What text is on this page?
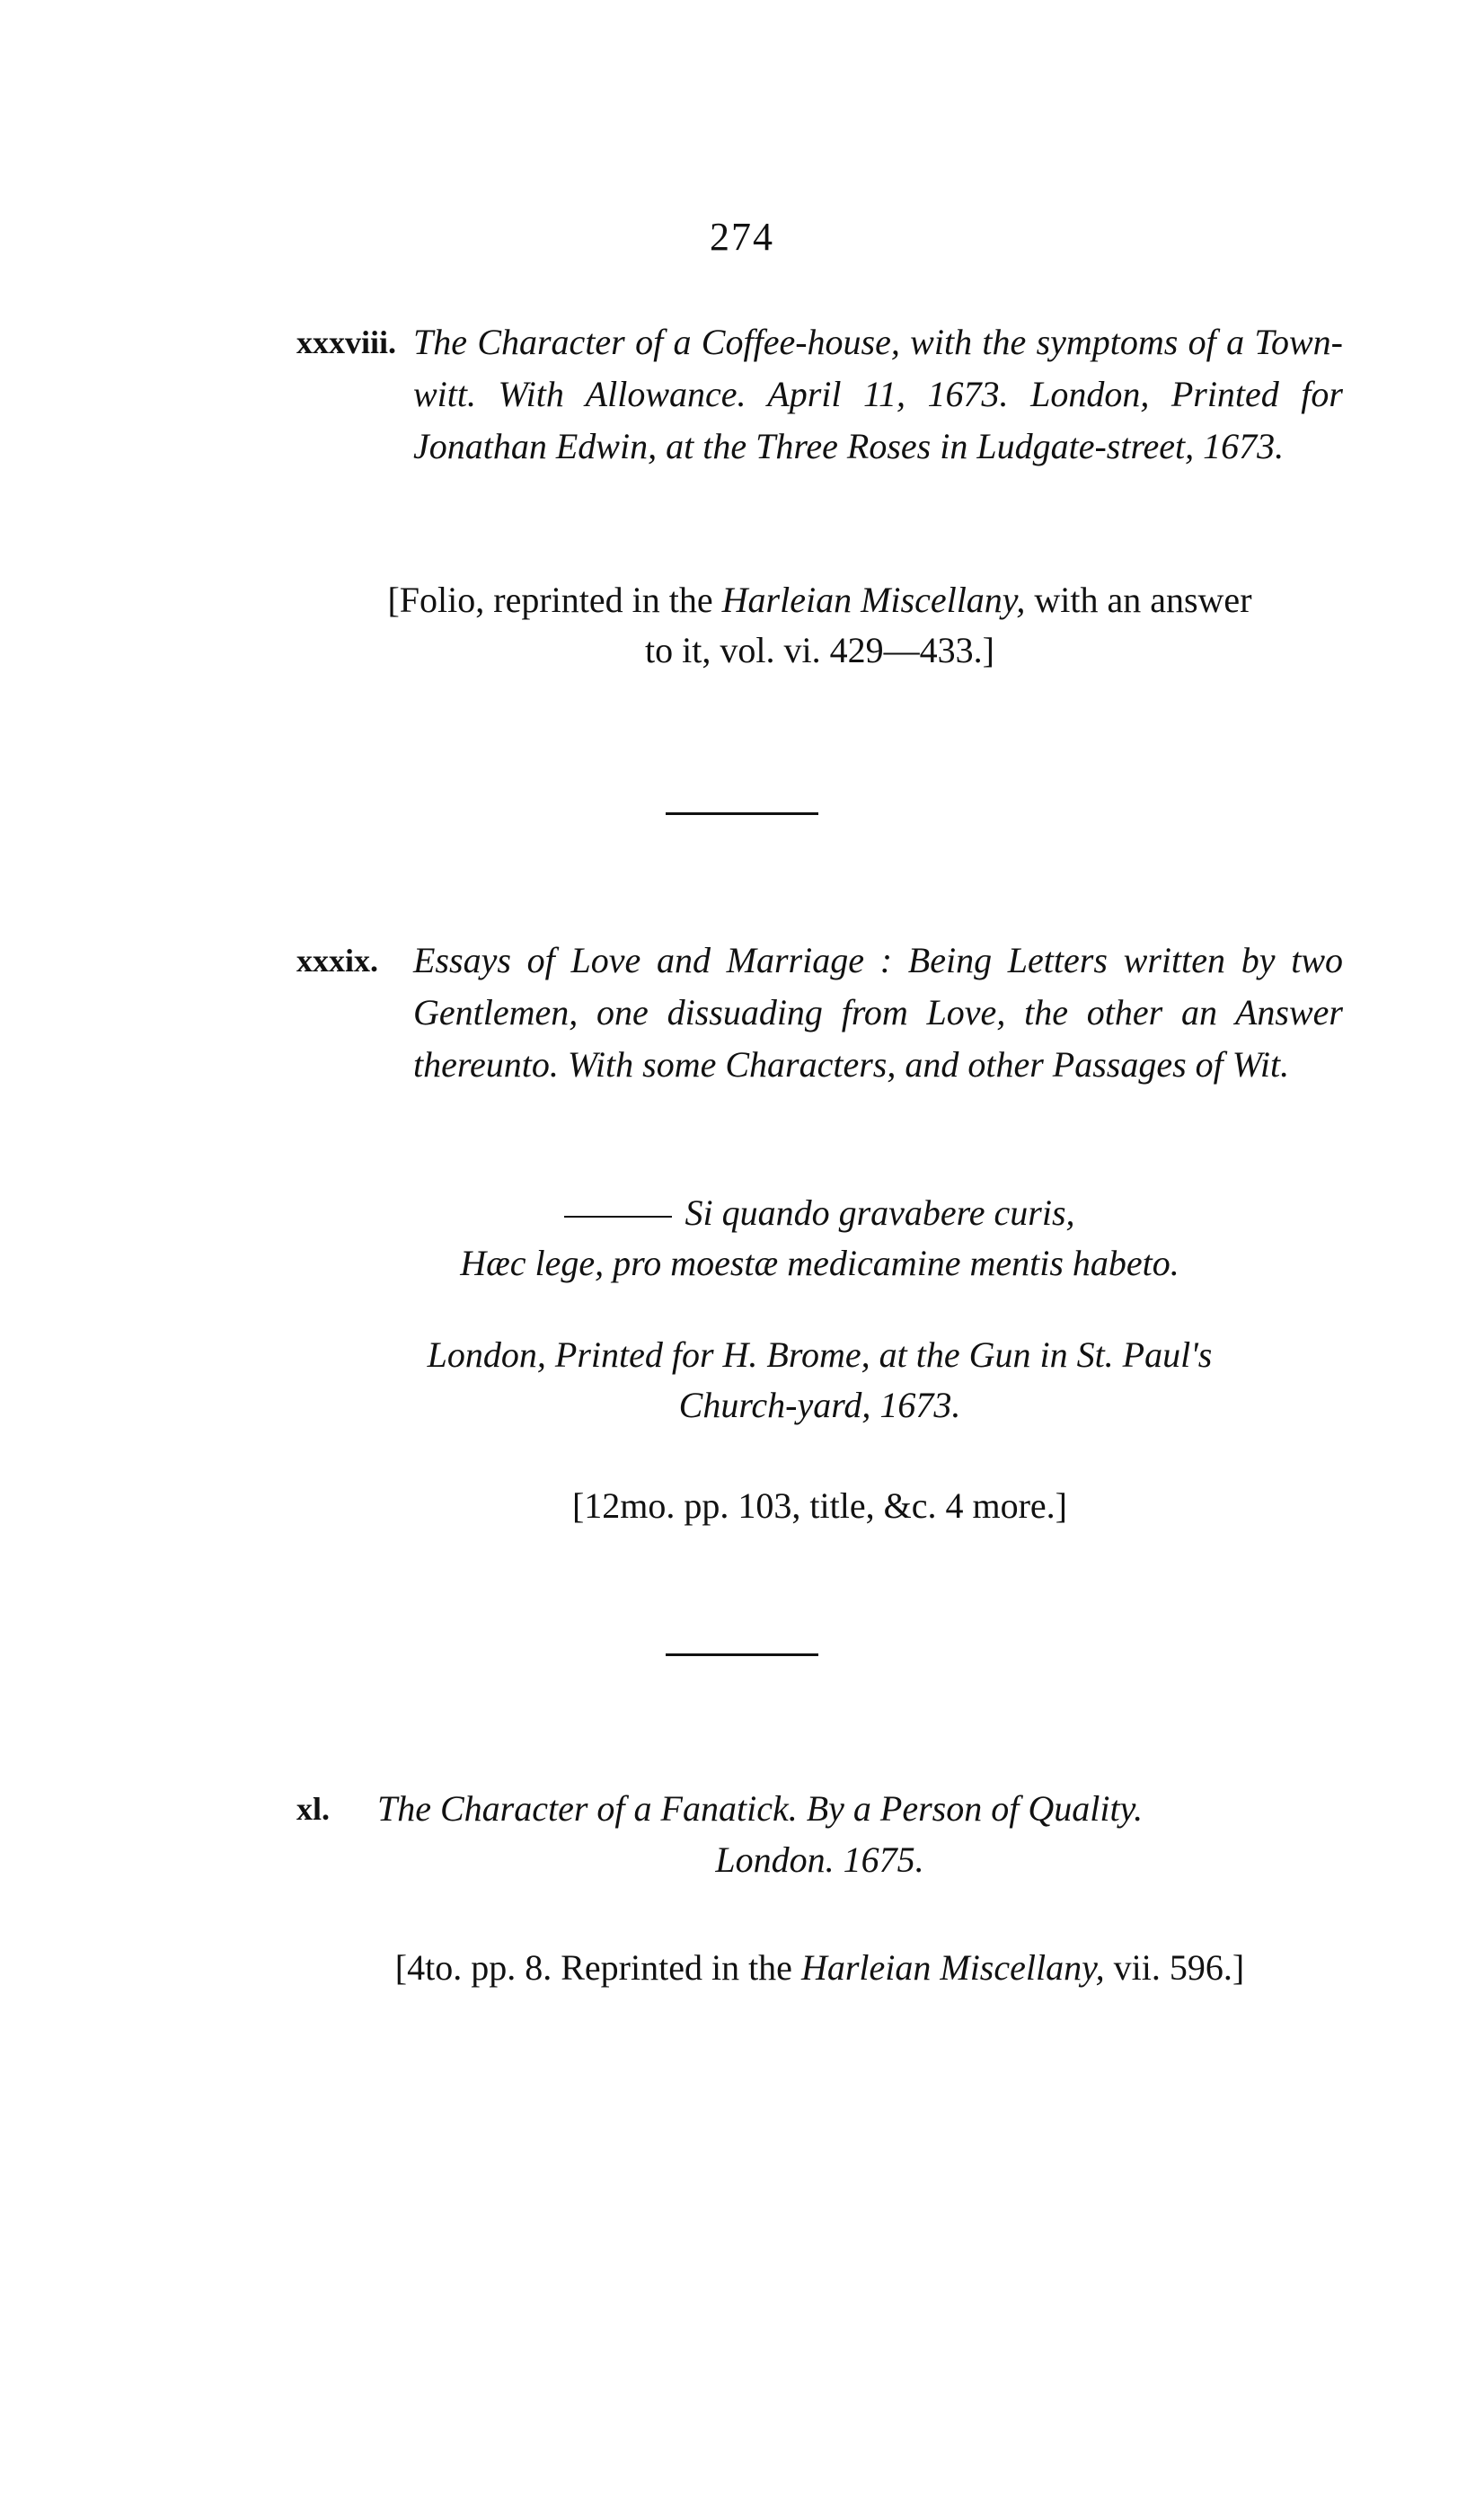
274
xxxviii. The Character of a Coffee-house, with the symptoms of a Town-witt. With Allowance. April 11, 1673. London, Printed for Jonathan Edwin, at the Three Roses in Ludgate-street, 1673.
[Folio, reprinted in the Harleian Miscellany, with an answer
to it, vol. vi. 429—433.]
xxxix. Essays of Love and Marriage : Being Letters written by two Gentlemen, one dissuading from Love, the other an Answer thereunto. With some Characters, and other Passages of Wit.
Si quando gravabere curis,
Hæc lege, pro moestæ medicamine mentis habeto.
London, Printed for H. Brome, at the Gun in St. Paul's
Church-yard, 1673.
[12mo. pp. 103, title, &c. 4 more.]
xl. The Character of a Fanatick. By a Person of Quality.
London. 1675.
[4to. pp. 8. Reprinted in the Harleian Miscellany, vii. 596.]
